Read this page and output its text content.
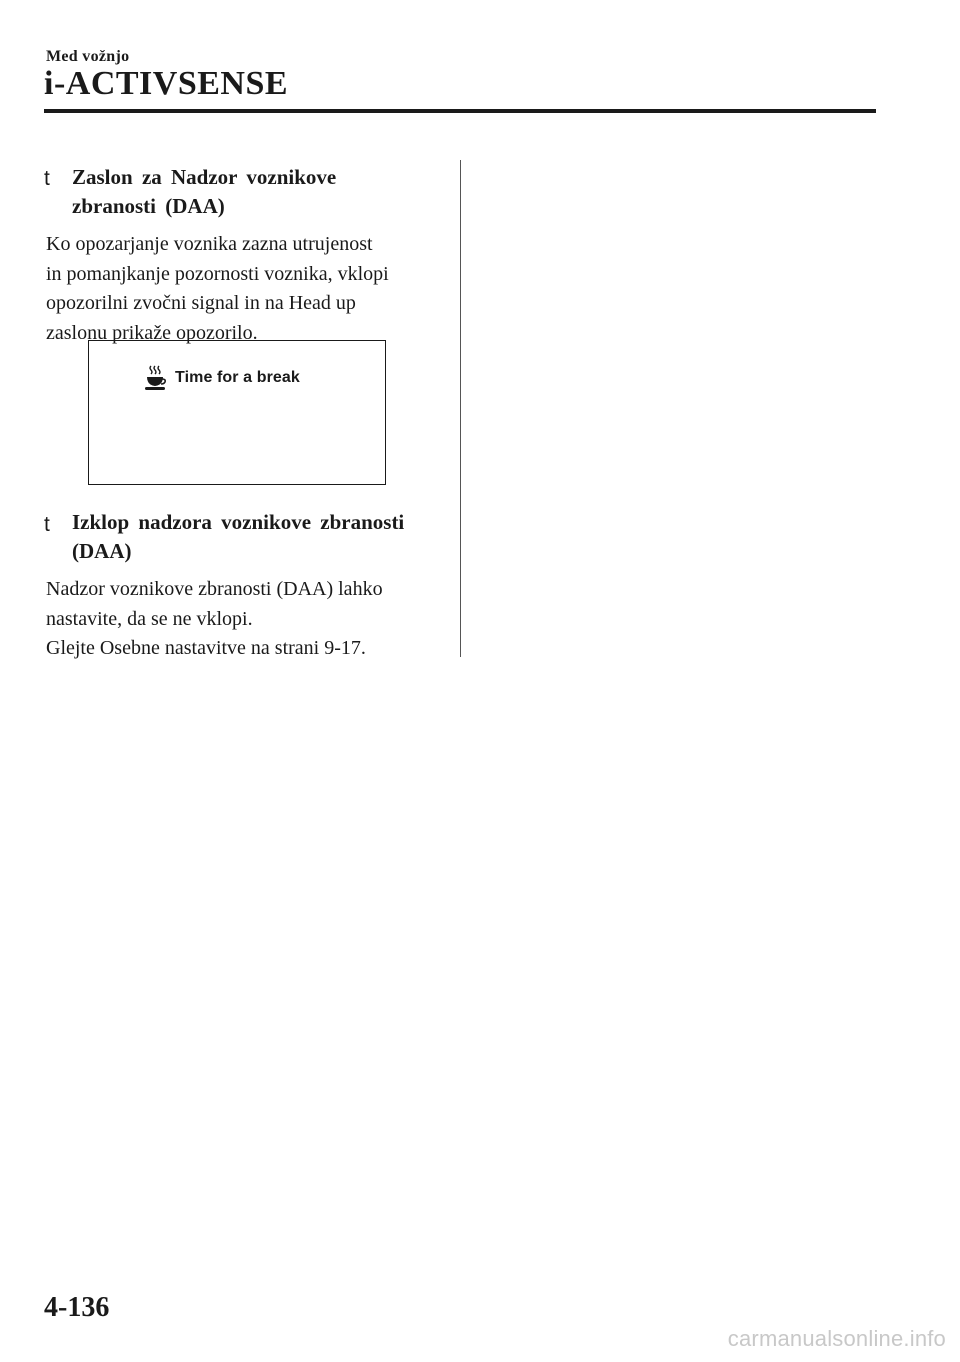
Med vožnjo
i-ACTIVSENSE
t Zaslon za Nadzor voznikove
zbranosti (DAA)
Ko opozarjanje voznika zazna utrujenost
in pomanjkanje pozornosti voznika, vklopi
opozorilni zvočni signal in na Head up
zaslonu prikaže opozorilo.
Time for a break
t Izklop nadzora voznikove zbranosti
(DAA)
Nadzor voznikove zbranosti (DAA) lahko
nastavite, da se ne vklopi.
Glejte Osebne nastavitve na strani 9-17.
4-136
carmanualsonline.info
